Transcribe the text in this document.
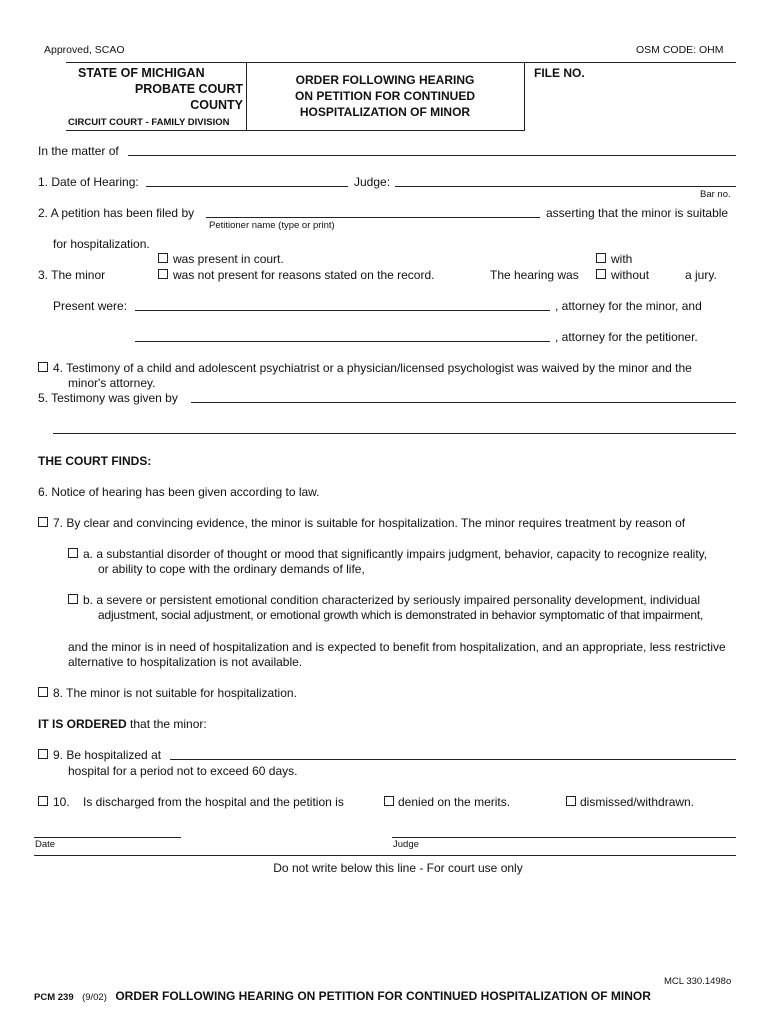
Approved, SCAO	OSM CODE: OHM
STATE OF MICHIGAN
PROBATE COURT
COUNTY
CIRCUIT COURT - FAMILY DIVISION
ORDER FOLLOWING HEARING
ON PETITION FOR CONTINUED
HOSPITALIZATION OF MINOR
FILE NO.
In the matter of
1. Date of Hearing:	Judge:
Bar no.
2. A petition has been filed by	asserting that the minor is suitable
Petitioner name (type or print)
for hospitalization.
was present in court.
3. The minor	was not present for reasons stated on the record.	The hearing was
with
without	a jury.
Present were:	, attorney for the minor, and
, attorney for the petitioner.
4. Testimony of a child and adolescent psychiatrist or a physician/licensed psychologist was waived by the minor and the
minor's attorney.
5. Testimony was given by
THE COURT FINDS:
6. Notice of hearing has been given according to law.
7. By clear and convincing evidence, the minor is suitable for hospitalization. The minor requires treatment by reason of
a. a substantial disorder of thought or mood that significantly impairs judgment, behavior, capacity to recognize reality,
or ability to cope with the ordinary demands of life,
b. a severe or persistent emotional condition characterized by seriously impaired personality development, individual
adjustment, social adjustment, or emotional growth which is demonstrated in behavior symptomatic of that impairment,
and the minor is in need of hospitalization and is expected to benefit from hospitalization, and an appropriate, less restrictive
alternative to hospitalization is not available.
8. The minor is not suitable for hospitalization.
IT IS ORDERED that the minor:
9. Be hospitalized at
hospital for a period not to exceed 60 days.
10. Is discharged from the hospital and the petition is	denied on the merits.	dismissed/withdrawn.
Date	Judge
Do not write below this line - For court use only
MCL 330.1498o
PCM 239 (9/02) ORDER FOLLOWING HEARING ON PETITION FOR CONTINUED HOSPITALIZATION OF MINOR
